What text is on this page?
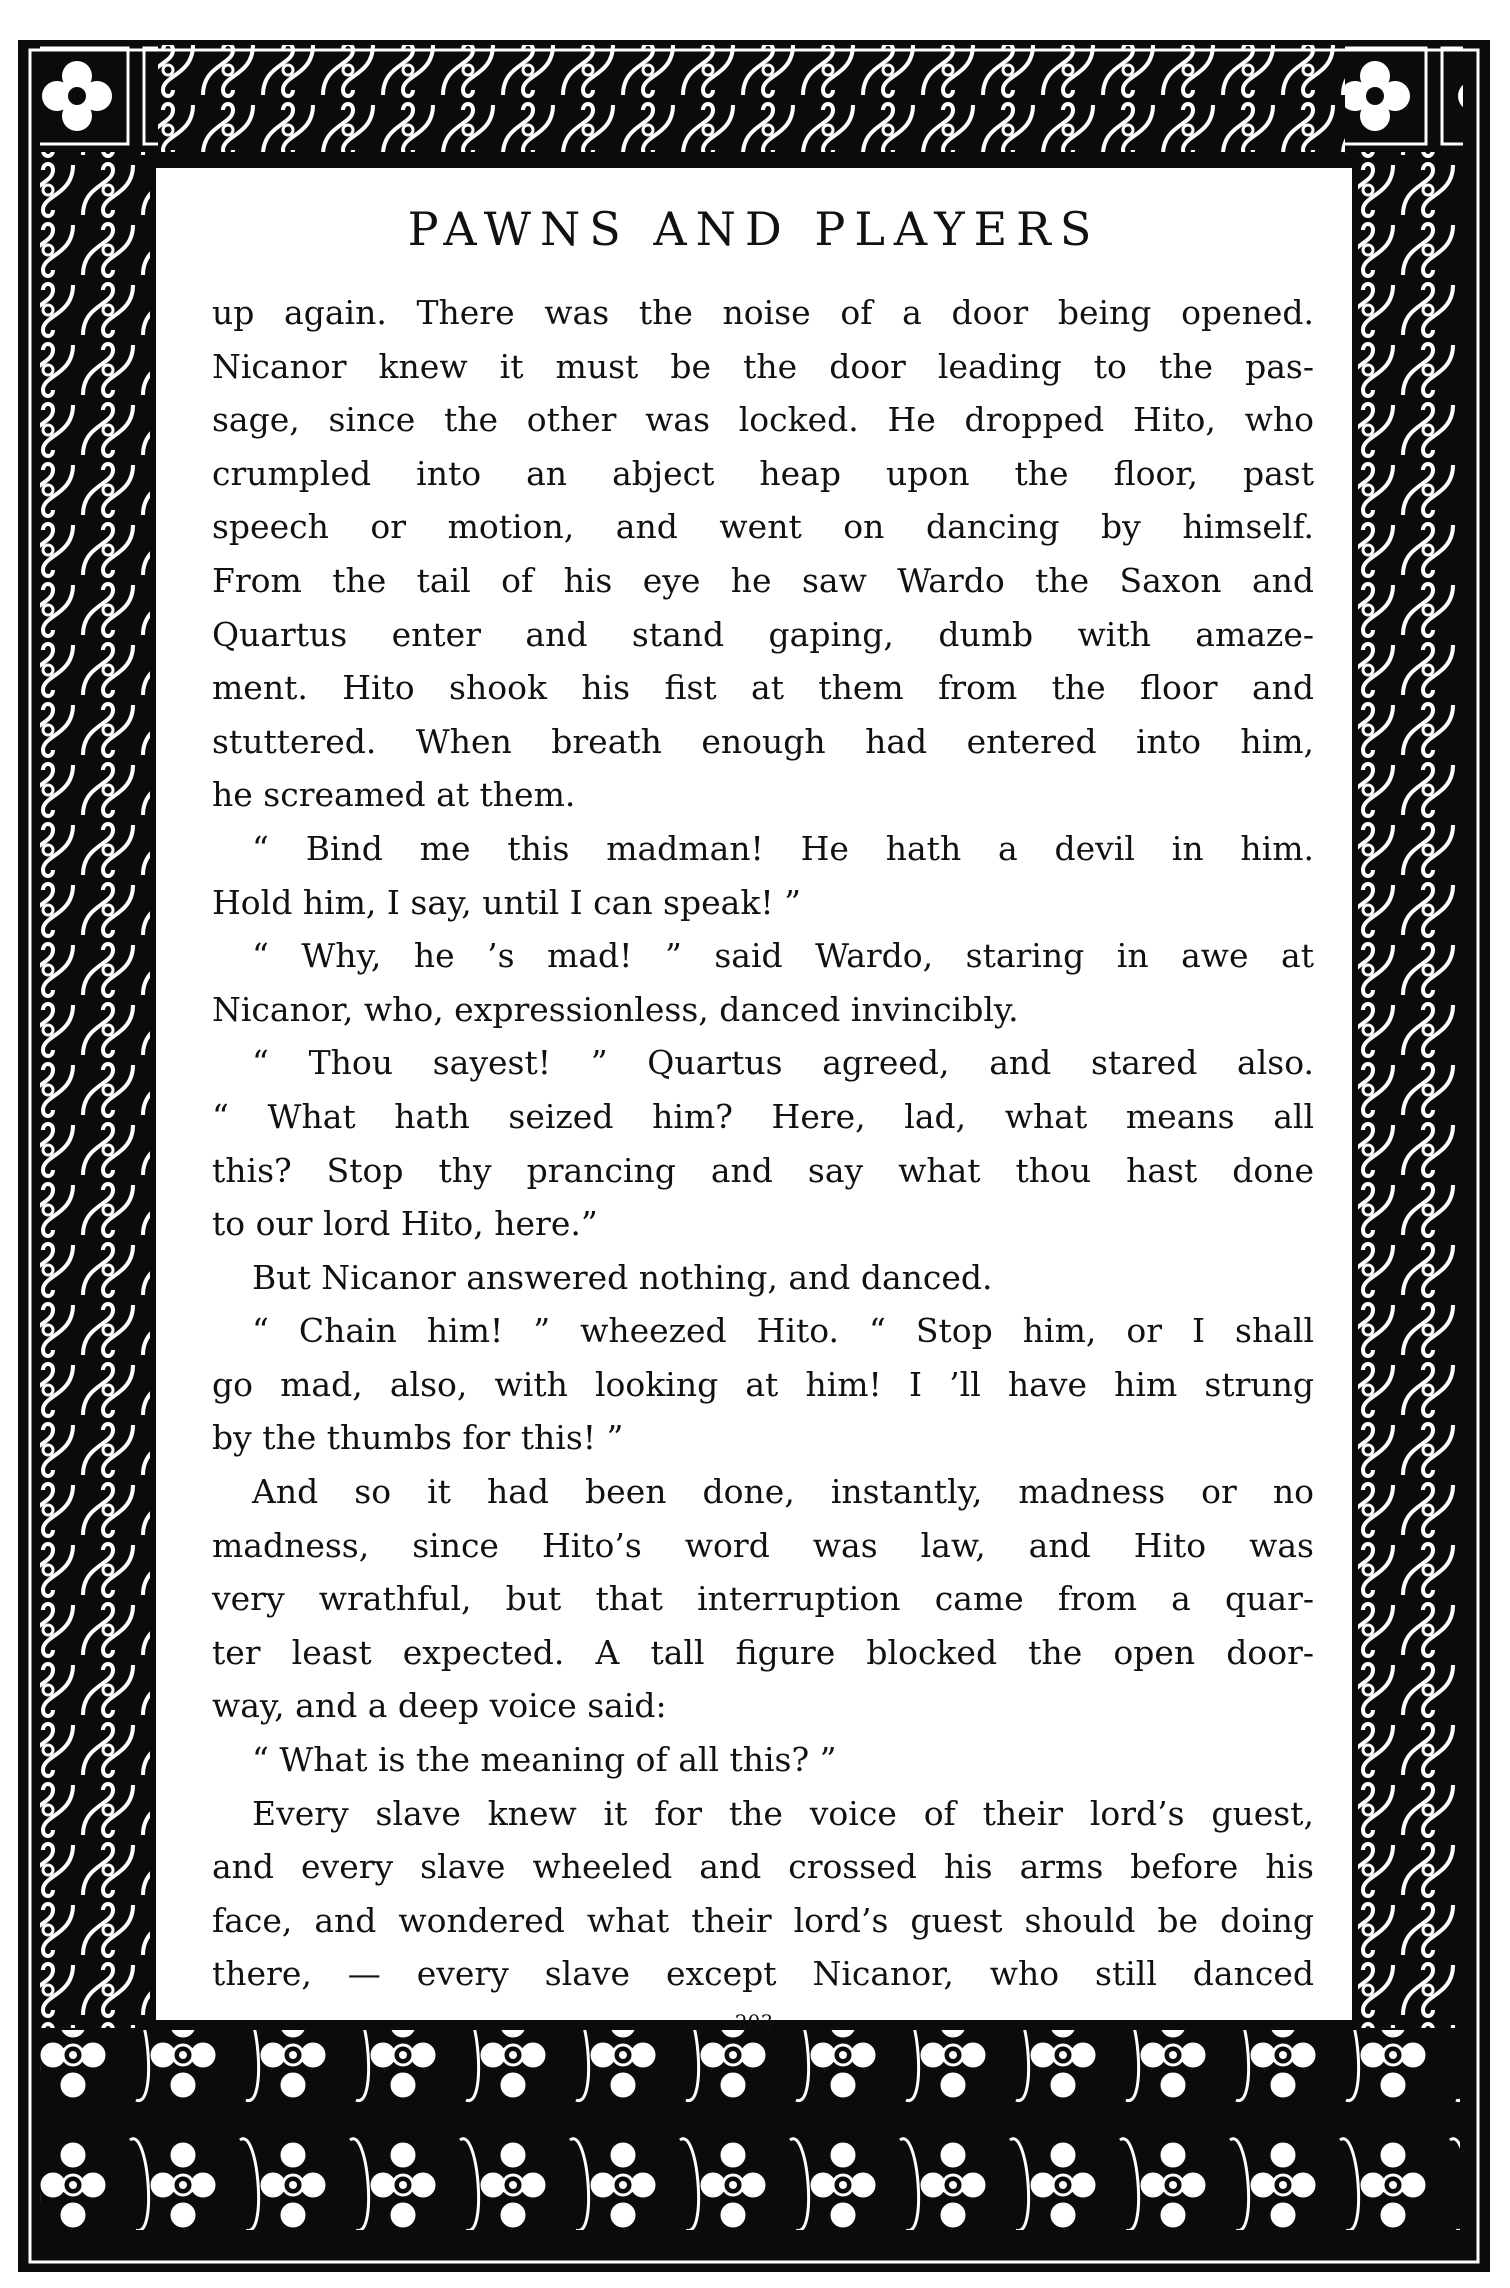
PAWNS AND PLAYERS
up again. There was the noise of a door being opened.
Nicanor knew it must be the door leading to the pas-
sage, since the other was locked. He dropped Hito, who
crumpled into an abject heap upon the floor, past
speech or motion, and went on dancing by himself.
From the tail of his eye he saw Wardo the Saxon and
Quartus enter and stand gaping, dumb with amaze-
ment. Hito shook his fist at them from the floor and
stuttered. When breath enough had entered into him,
he screamed at them.
“ Bind me this madman! He hath a devil in him.
Hold him, I say, until I can speak! ”
“ Why, he ’s mad! ” said Wardo, staring in awe at
Nicanor, who, expressionless, danced invincibly.
“ Thou sayest! ” Quartus agreed, and stared also.
“ What hath seized him? Here, lad, what means all
this? Stop thy prancing and say what thou hast done
to our lord Hito, here.”
But Nicanor answered nothing, and danced.
“ Chain him! ” wheezed Hito. “ Stop him, or I shall
go mad, also, with looking at him! I ’ll have him strung
by the thumbs for this! ”
And so it had been done, instantly, madness or no
madness, since Hito’s word was law, and Hito was
very wrathful, but that interruption came from a quar-
ter least expected. A tall figure blocked the open door-
way, and a deep voice said:
“ What is the meaning of all this? ”
Every slave knew it for the voice of their lord’s guest,
and every slave wheeled and crossed his arms before his
face, and wondered what their lord’s guest should be doing
there, — every slave except Nicanor, who still danced
203
